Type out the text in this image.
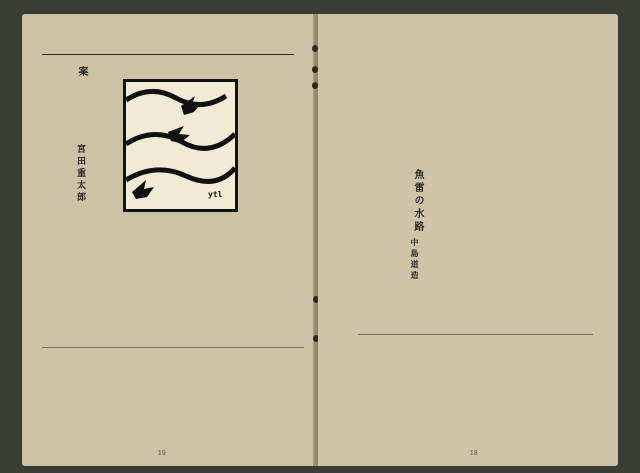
案
宮田重太郎
19
ytl	魚雷の水路
中島道造
18
